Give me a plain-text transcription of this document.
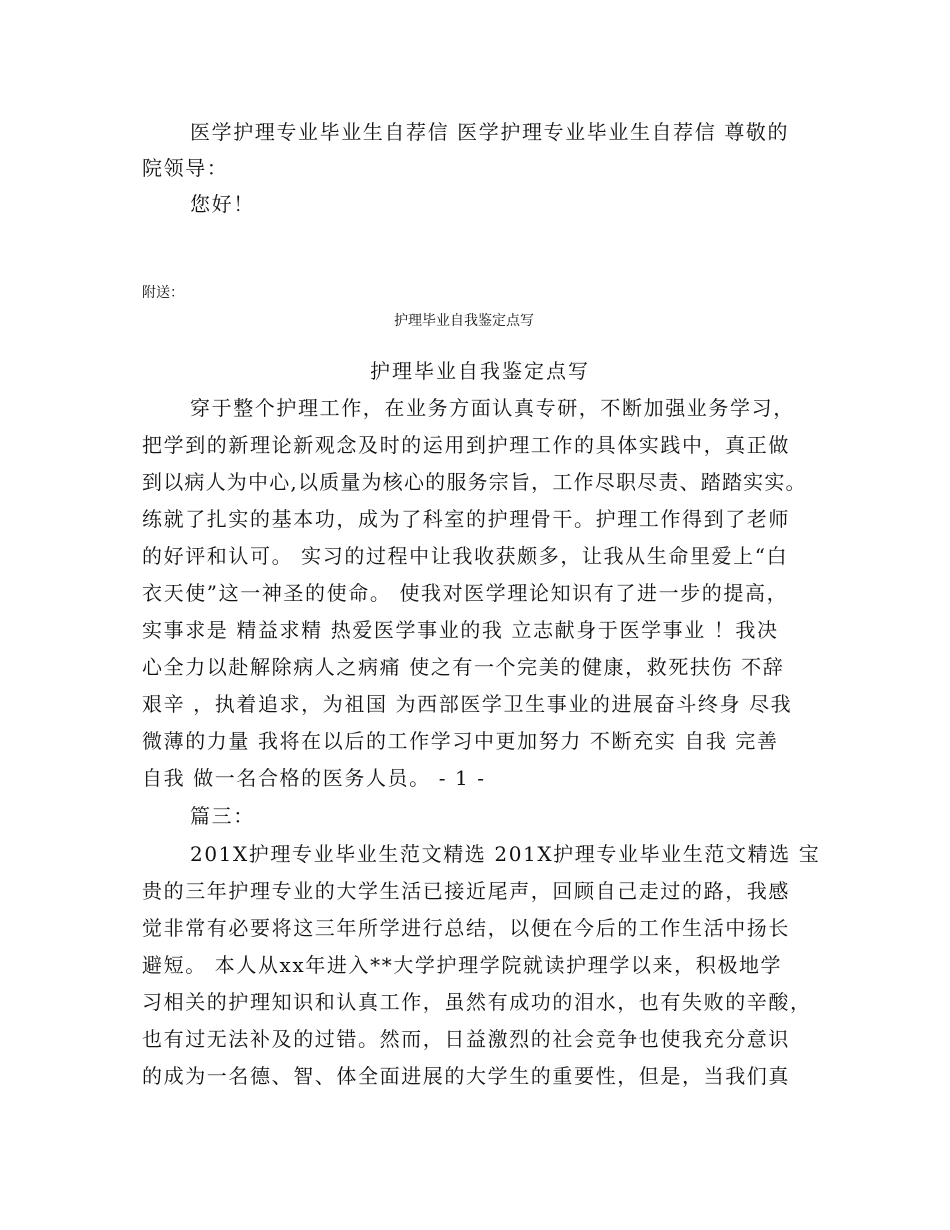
医学护理专业毕业生自荐信 医学护理专业毕业生自荐信 尊敬的
院领导：
您好！
附送：
护理毕业自我鉴定点写
护理毕业自我鉴定点写
穿于整个护理工作，在业务方面认真专研，不断加强业务学习，
把学到的新理论新观念及时的运用到护理工作的具体实践中，真正做
到以病人为中心,以质量为核心的服务宗旨，工作尽职尽责、踏踏实实。
练就了扎实的基本功，成为了科室的护理骨干。护理工作得到了老师
的好评和认可。 实习的过程中让我收获颇多，让我从生命里爱上“白
衣天使”这一神圣的使命。 使我对医学理论知识有了进一步的提高，
实事求是 精益求精 热爱医学事业的我 立志献身于医学事业 ！我决
心全力以赴解除病人之病痛 使之有一个完美的健康，救死扶伤 不辞
艰辛 ，执着追求，为祖国 为西部医学卫生事业的进展奋斗终身 尽我
微薄的力量 我将在以后的工作学习中更加努力 不断充实 自我 完善
自我 做一名合格的医务人员。 - 1 -
篇三：
201X护理专业毕业生范文精选 201X护理专业毕业生范文精选 宝
贵的三年护理专业的大学生活已接近尾声，回顾自己走过的路，我感
觉非常有必要将这三年所学进行总结，以便在今后的工作生活中扬长
避短。 本人从xx年进入**大学护理学院就读护理学以来，积极地学
习相关的护理知识和认真工作，虽然有成功的泪水，也有失败的辛酸，
也有过无法补及的过错。然而，日益激烈的社会竞争也使我充分意识
的成为一名德、智、体全面进展的大学生的重要性，但是，当我们真
